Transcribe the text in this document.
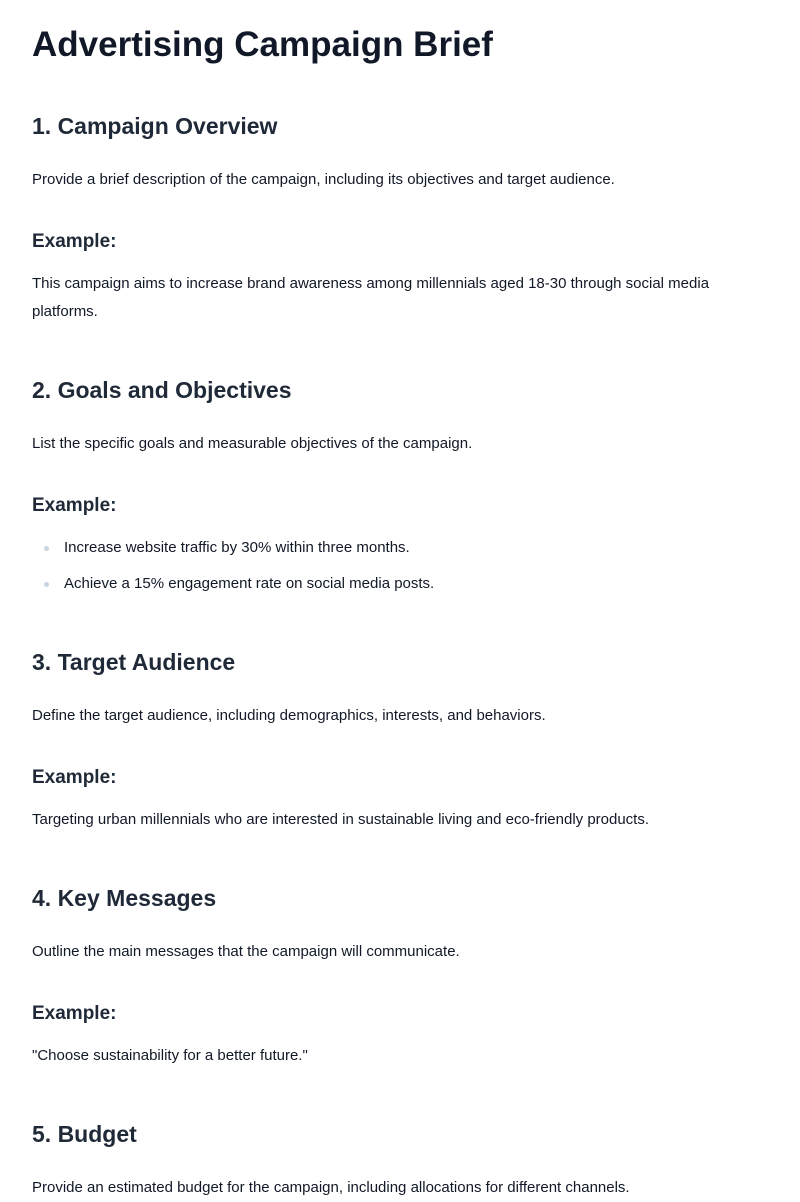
Advertising Campaign Brief
1. Campaign Overview

Provide a brief description of the campaign, including its objectives and target audience.

Example:

This campaign aims to increase brand awareness among millennials aged 18-30 through social media platforms.

2. Goals and Objectives

List the specific goals and measurable objectives of the campaign.

Example:
Increase website traffic by 30% within three months.
Achieve a 15% engagement rate on social media posts.
3. Target Audience

Define the target audience, including demographics, interests, and behaviors.

Example:

Targeting urban millennials who are interested in sustainable living and eco-friendly products.

4. Key Messages

Outline the main messages that the campaign will communicate.

Example:

"Choose sustainability for a better future."

5. Budget

Provide an estimated budget for the campaign, including allocations for different channels.
